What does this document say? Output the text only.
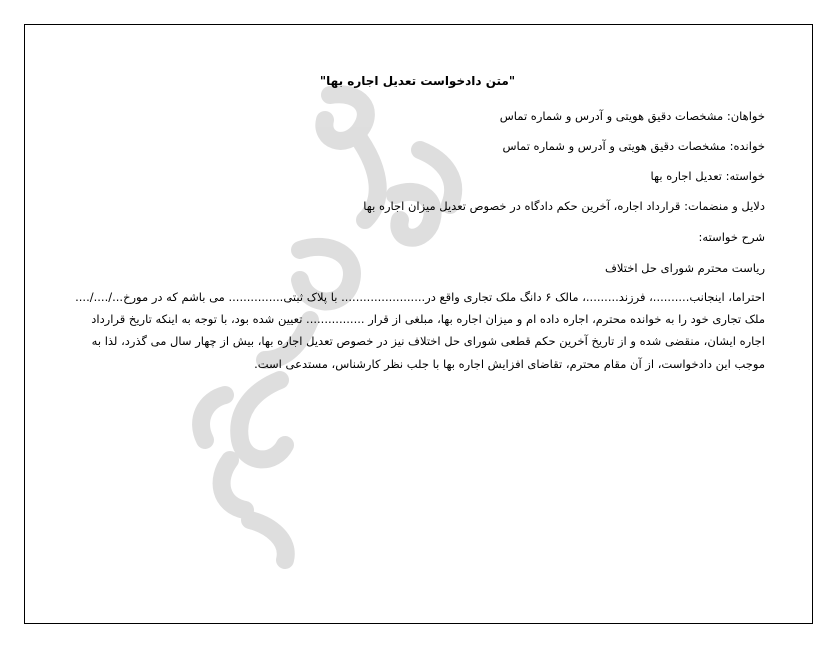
"متن دادخواست تعدیل اجاره بها"
خواهان: مشخصات دقیق هویتی و آدرس و شماره تماس
خوانده: مشخصات دقیق هویتی و آدرس و شماره تماس
خواسته: تعدیل اجاره بها
دلایل و منضمات: قرارداد اجاره، آخرین حکم دادگاه در خصوص تعدیل میزان اجاره بها
شرح خواسته:
ریاست محترم شورای حل اختلاف
احتراما، اینجانب..........، فرزند.........، مالک ۶ دانگ ملک تجاری واقع در....................... با پلاک ثبتی............... می باشم که در مورخ.../..../....
ملک تجاری خود را به خوانده محترم، اجاره داده ام و میزان اجاره بها، مبلغی از قرار ................ تعیین شده بود، با توجه به اینکه تاریخ قرارداد
اجاره ایشان، منقضی شده و از تاریخ آخرین حکم قطعی شورای حل اختلاف نیز در خصوص تعدیل اجاره بها، بیش از چهار سال می گذرد، لذا به
موجب این دادخواست، از آن مقام محترم، تقاضای افزایش اجاره بها با جلب نظر کارشناس، مستدعی است.
